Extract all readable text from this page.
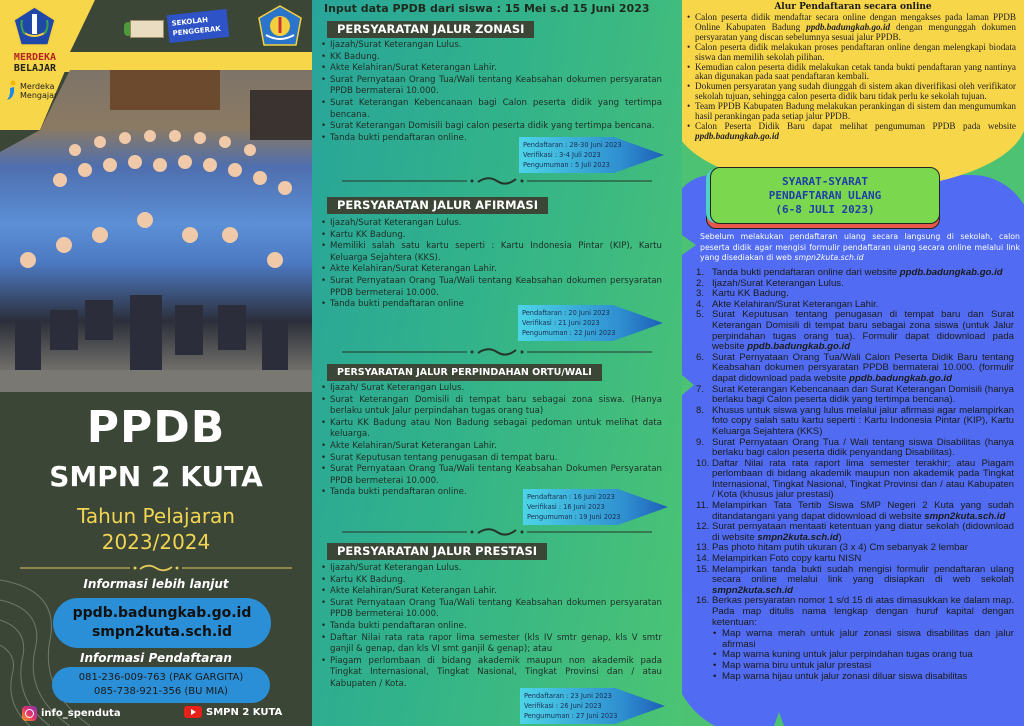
SEKOLAH
PENGGERAK
MERDEKA
BELAJAR
Merdeka
Mengajar
PPDB
SMPN 2 KUTA
Tahun Pelajaran
2023/2024
Informasi lebih lanjut
ppdb.badungkab.go.id
smpn2kuta.sch.id
Informasi Pendaftaran
081-236-009-763 (PAK GARGITA)
085-738-921-356 (BU MIA)
info_spenduta	SMPN 2 KUTA
Input data PPDB dari siswa : 15 Mei s.d 15 Juni 2023
PERSYARATAN JALUR ZONASI
• Ijazah/Surat Keterangan Lulus.
• KK Badung.
• Akte Kelahiran/Surat Keterangan Lahir.
• Surat Pernyataan Orang Tua/Wali tentang Keabsahan dokumen persyaratan PPDB bermaterai 10.000.
• Surat Keterangan Kebencanaan bagi Calon peserta didik yang tertimpa bencana.
• Surat Keterangan Domisili bagi calon peserta didik yang tertimpa bencana.
• Tanda bukti pendaftaran online.
Pendaftaran : 28-30 Juni 2023
Verifikasi : 3-4 Juli 2023
Pengumuman : 5 Juli 2023
PERSYARATAN JALUR AFIRMASI
• Ijazah/Surat Keterangan Lulus.
• Kartu KK Badung.
• Memiliki salah satu kartu seperti : Kartu Indonesia Pintar (KIP), Kartu Keluarga Sejahtera (KKS).
• Akte Kelahiran/Surat Keterangan Lahir.
• Surat Pernyataan Orang Tua/Wali tentang Keabsahan dokumen persyaratan PPDB bermeterai 10.000.
• Tanda bukti pendaftaran online
Pendaftaran : 20 Juni 2023
Verifikasi : 21 Juni 2023
Pengumuman : 22 Juni 2023
PERSYARATAN JALUR PERPINDAHAN ORTU/WALI
• Ijazah/ Surat Keterangan Lulus.
• Surat Keterangan Domisili di tempat baru sebagai zona siswa. (Hanya berlaku untuk Jalur perpindahan tugas orang tua)
• Kartu KK Badung atau Non Badung sebagai pedoman untuk melihat data keluarga.
• Akte Kelahiran/Surat Keterangan Lahir.
• Surat Keputusan tentang penugasan di tempat baru.
• Surat Pernyataan Orang Tua/Wali tentang Keabsahan Dokumen Persyaratan PPDB bermeterai 10.000.
• Tanda bukti pendaftaran online.	Pendaftaran : 16 Juni 2023
Verifikasi : 16 Juni 2023
Pengumuman : 19 Juni 2023
PERSYARATAN JALUR PRESTASI
• Ijazah/Surat Keterangan Lulus.
• Kartu KK Badung.
• Akte Kelahiran/Surat Keterangan Lahir.
• Surat Pernyataan Orang Tua/Wali tentang Keabsahan dokumen persyaratan PPDB bermeterai 10.000.
• Tanda bukti pendaftaran online.
• Daftar Nilai rata rata rapor lima semester (kls IV smtr genap, kls V smtr ganjil & genap, dan kls VI smt ganjil & genap); atau
• Piagam perlombaan di bidang akademik maupun non akademik pada Tingkat Internasional, Tingkat Nasional, Tingkat Provinsi dan / atau Kabupaten / Kota.
Pendaftaran : 23 Juni 2023
Verifikasi : 26 Juni 2023
Pengumuman : 27 Juni 2023
Alur Pendaftaran secara online
• Calon peserta didik mendaftar secara online dengan mengakses pada laman PPDB Online Kabupaten Badung ppdb.badungkab.go.id dengan mengunggah dokumen persyaratan yang discan sebelumnya sesuai jalur PPDB.
• Calon peserta didik melakukan proses pendaftaran online dengan melengkapi biodata siswa dan memilih sekolah pilihan.
• Kemudian calon peserta didik melakukan cetak tanda bukti pendaftaran yang nantinya akan digunakan pada saat pendaftaran kembali.
• Dokumen persyaratan yang sudah diunggah di sistem akan diverifikasi oleh verifikator sekolah tujuan, sehingga calon peserta didik baru tidak perlu ke sekolah tujuan.
• Team PPDB Kabupaten Badung melakukan perankingan di sistem dan mengumumkan hasil perankingan pada setiap jalur PPDB.
• Calon Peserta Didik Baru dapat melihat pengumuman PPDB pada website ppdb.badungkab.go.id
SYARAT-SYARAT
PENDAFTARAN ULANG
(6-8 JULI 2023)
Sebelum melakukan pendaftaran ulang secara langsung di sekolah, calon peserta didik agar mengisi formulir pendaftaran ulang secara online melalui link yang disediakan di web smpn2kuta.sch.id
1. Tanda bukti pendaftaran online dari website ppdb.badungkab.go.id
2. Ijazah/Surat Keterangan Lulus.
3. Kartu KK Badung.
4. Akte Kelahiran/Surat Keterangan Lahir.
5. Surat Keputusan tentang penugasan di tempat baru dan Surat Keterangan Domisili di tempat baru sebagai zona siswa (untuk Jalur perpindahan tugas orang tua). Formulir dapat didownload pada website ppdb.badungkab.go.id
6. Surat Pernyataan Orang Tua/Wali Calon Peserta Didik Baru tentang Keabsahan dokumen persyaratan PPDB bermaterai 10.000. (formulir dapat didownload pada website ppdb.badungkab.go.id
7. Surat Keterangan Kebencanaan dan Surat Keterangan Domisili (hanya berlaku bagi Calon peserta didik yang tertimpa bencana).
8. Khusus untuk siswa yang lulus melalui jalur afirmasi agar melampirkan foto copy salah satu kartu seperti : Kartu Indonesia Pintar (KIP), Kartu Keluarga Sejahtera (KKS)
9. Surat Pernyataan Orang Tua / Wali tentang siswa Disabilitas (hanya berlaku bagi calon peserta didik penyandang Disabilitas).
10. Daftar Nilai rata rata raport lima semester terakhir; atau Piagam perlombaan di bidang akademik maupun non akademik pada Tingkat Internasional, Tingkat Nasional, Tingkat Provinsi dan / atau Kabupaten / Kota (khusus jalur prestasi)
11. Melampirkan Tata Tertib Siswa SMP Negeri 2 Kuta yang sudah ditandatangani yang dapat didownload di website smpn2kuta.sch.id
12. Surat pernyataan mentaati ketentuan yang diatur sekolah (didownload di website smpn2kuta.sch.id)
13. Pas photo hitam putih ukuran (3 x 4) Cm sebanyak 2 lembar
14. Melampirkan Foto copy kartu NISN
15. Melampirkan tanda bukti sudah mengisi formulir pendaftaran ulang secara online melalui link yang disiapkan di web sekolah smpn2kuta.sch.id
16. Berkas persyaratan nomor 1 s/d 15 di atas dimasukkan ke dalam map. Pada map ditulis nama lengkap dengan huruf kapital dengan ketentuan:
• Map warna merah untuk jalur zonasi siswa disabilitas dan jalur afirmasi
• Map warna kuning untuk jalur perpindahan tugas orang tua
• Map warna biru untuk jalur prestasi
• Map warna hijau untuk jalur zonasi diluar siswa disabilitas
